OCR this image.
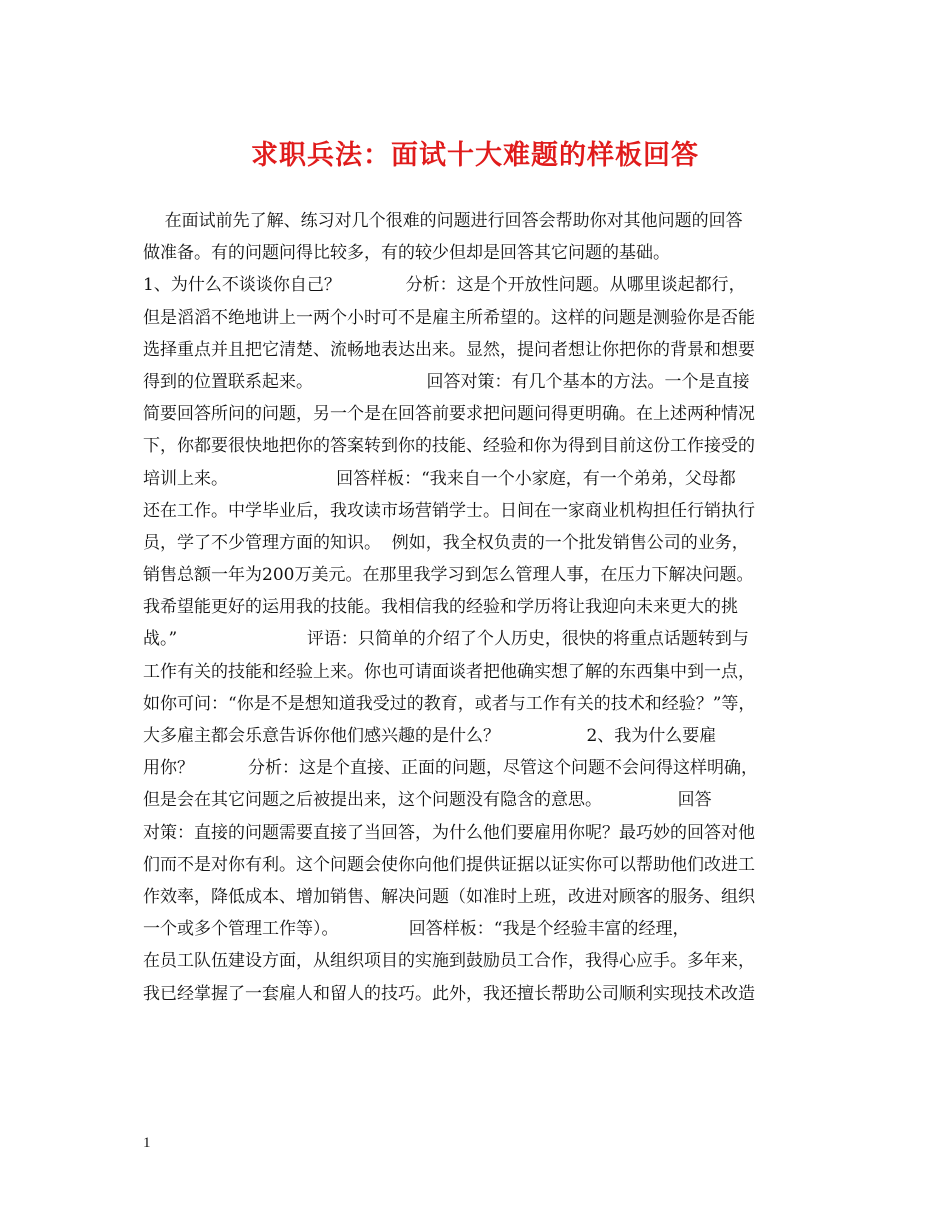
求职兵法：面试十大难题的样板回答
在面试前先了解、练习对几个很难的问题进行回答会帮助你对其他问题的回答
做准备。有的问题问得比较多，有的较少但却是回答其它问题的基础。
1、为什么不谈谈你自己？            分析：这是个开放性问题。从哪里谈起都行，
但是滔滔不绝地讲上一两个小时可不是雇主所希望的。这样的问题是测验你是否能
选择重点并且把它清楚、流畅地表达出来。显然，提问者想让你把你的背景和想要
得到的位置联系起来。                     回答对策：有几个基本的方法。一个是直接
简要回答所问的问题，另一个是在回答前要求把问题问得更明确。在上述两种情况
下，你都要很快地把你的答案转到你的技能、经验和你为得到目前这份工作接受的
培训上来。                    回答样板：“我来自一个小家庭，有一个弟弟，父母都
还在工作。中学毕业后，我攻读市场营销学士。日间在一家商业机构担任行销执行
员，学了不少管理方面的知识。  例如，我全权负责的一个批发销售公司的业务，
销售总额一年为200万美元。在那里我学习到怎么管理人事，在压力下解决问题。
我希望能更好的运用我的技能。我相信我的经验和学历将让我迎向未来更大的挑
战。”                        评语：只简单的介绍了个人历史，很快的将重点话题转到与
工作有关的技能和经验上来。你也可请面谈者把他确实想了解的东西集中到一点，
如你可问：“你是不是想知道我受过的教育，或者与工作有关的技术和经验？”等，
大多雇主都会乐意告诉你他们感兴趣的是什么？                2、我为什么要雇
用你？          分析：这是个直接、正面的问题，尽管这个问题不会问得这样明确，
但是会在其它问题之后被提出来，这个问题没有隐含的意思。              回答
对策：直接的问题需要直接了当回答，为什么他们要雇用你呢？最巧妙的回答对他
们而不是对你有利。这个问题会使你向他们提供证据以证实你可以帮助他们改进工
作效率，降低成本、增加销售、解决问题（如准时上班，改进对顾客的服务、组织
一个或多个管理工作等）。             回答样板：“我是个经验丰富的经理，
在员工队伍建设方面，从组织项目的实施到鼓励员工合作，我得心应手。多年来，
我已经掌握了一套雇人和留人的技巧。此外，我还擅长帮助公司顺利实现技术改造
1
